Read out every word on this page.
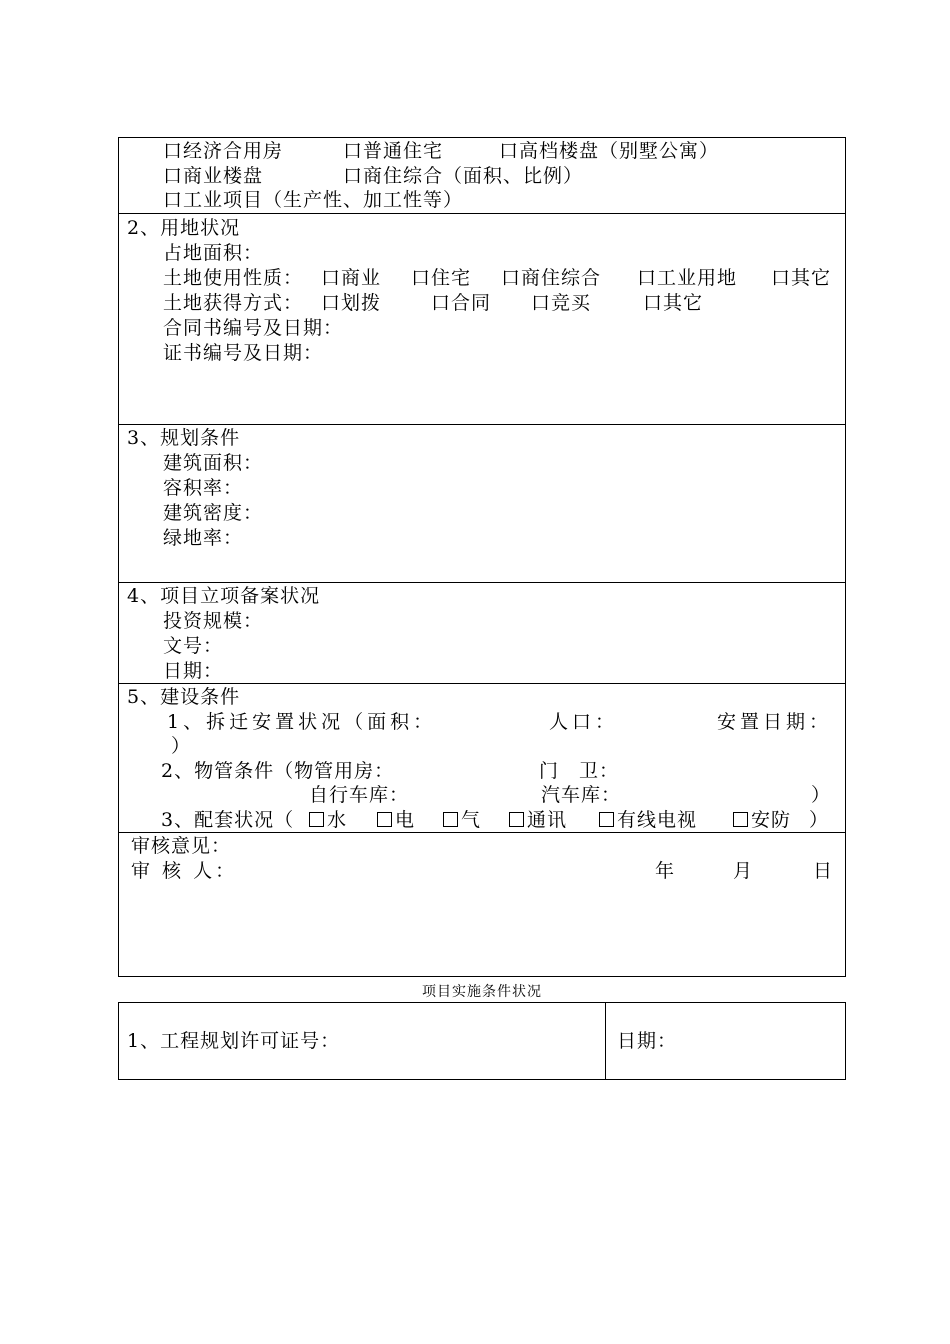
口经济合用房	口普通住宅	口高档楼盘（别墅公寓）
口商业楼盘	口商住综合（面积、比例）
口工业项目（生产性、加工性等）
2、用地状况
占地面积：
土地使用性质： 口商业 口住宅 口商住综合 口工业用地 口其它
土地获得方式： 口划拨	口合同 口竞买	口其它
合同书编号及日期：
证书编号及日期：
3、规划条件
建筑面积：
容积率：
建筑密度：
绿地率：
4、项目立项备案状况
投资规模：
文号：
日期：
5、建设条件
1、拆迁安置状况（面积：	人口：	安置日期：
）
2、物管条件（物管用房：	门　卫：
自行车库：	汽车库：	）
3、配套状况（	水	电	气	通讯	有线电视	安防 ）
审核意见：
审 核 人：	年	月	日
项目实施条件状况
1、工程规划许可证号：	日期：
